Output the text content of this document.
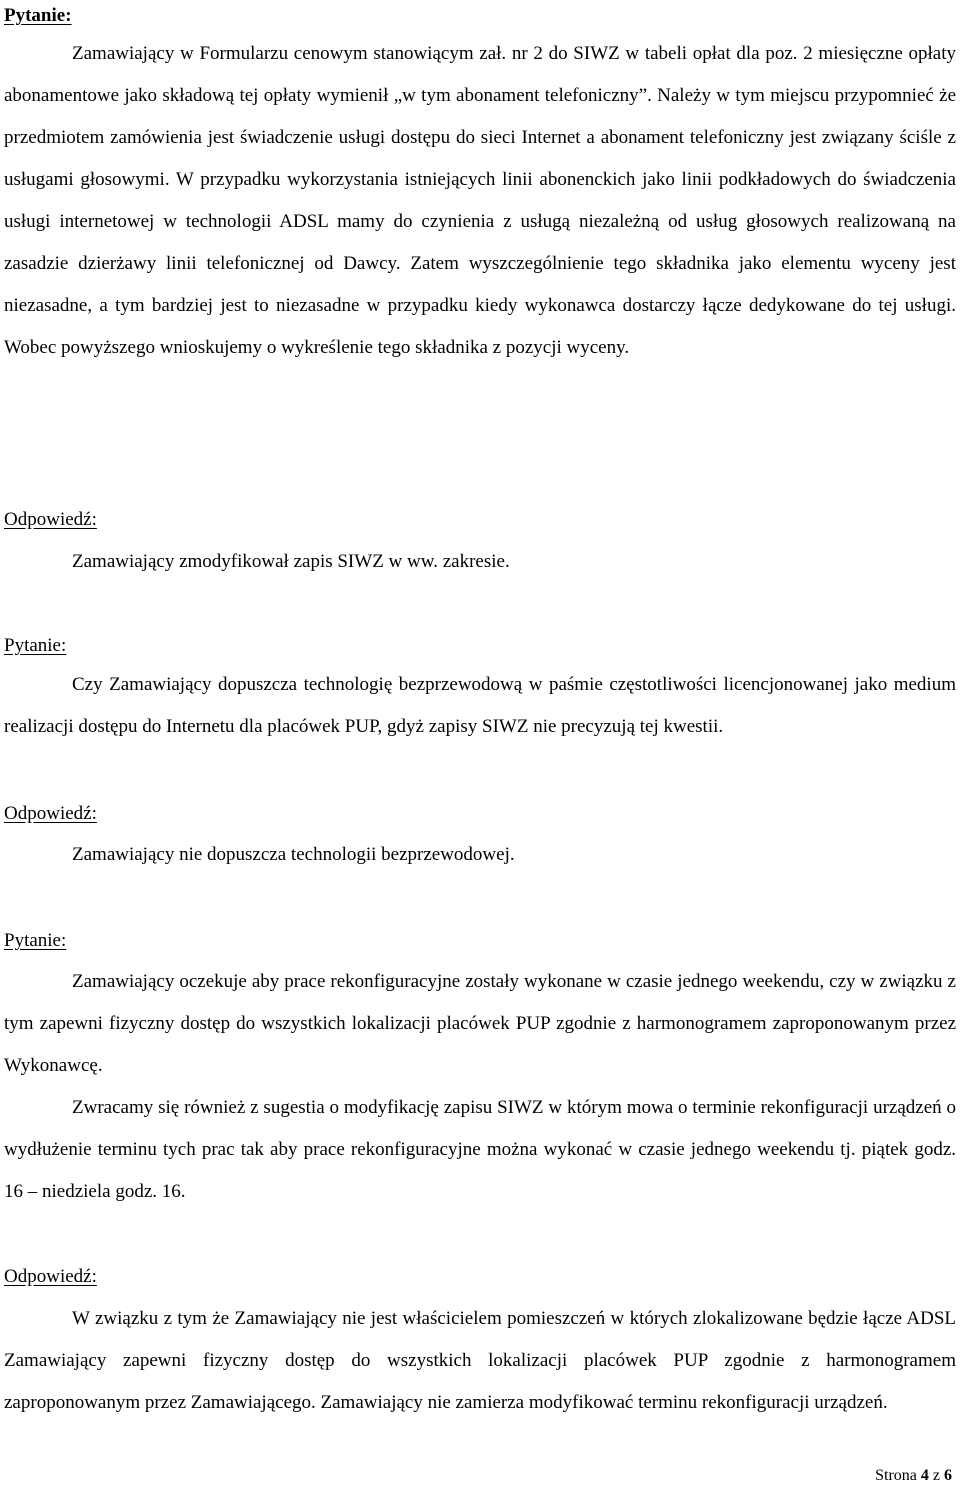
Pytanie:
Zamawiający w Formularzu cenowym stanowiącym zał. nr 2 do SIWZ w tabeli opłat dla poz. 2 miesięczne opłaty abonamentowe jako składową tej opłaty wymienił „w tym abonament telefoniczny”. Należy w tym miejscu przypomnieć że przedmiotem zamówienia jest świadczenie usługi dostępu do sieci Internet a abonament telefoniczny jest związany ściśle z usługami głosowymi. W przypadku wykorzystania istniejących linii abonenckich jako linii podkładowych do świadczenia usługi internetowej w technologii ADSL mamy do czynienia z usługą niezależną od usług głosowych realizowaną na zasadzie dzierżawy linii telefonicznej od Dawcy. Zatem wyszczególnienie tego składnika jako elementu wyceny jest niezasadne, a tym bardziej jest to niezasadne w przypadku kiedy wykonawca dostarczy łącze dedykowane do tej usługi. Wobec powyższego wnioskujemy o wykreślenie tego składnika z pozycji wyceny.
Odpowiedź:
Zamawiający zmodyfikował zapis SIWZ w ww. zakresie.
Pytanie:
Czy Zamawiający dopuszcza technologię bezprzewodową w paśmie częstotliwości licencjonowanej jako medium realizacji dostępu do Internetu dla placówek PUP, gdyż zapisy SIWZ nie precyzują tej kwestii.
Odpowiedź:
Zamawiający nie dopuszcza technologii bezprzewodowej.
Pytanie:
Zamawiający oczekuje aby prace rekonfiguracyjne zostały wykonane w czasie jednego weekendu, czy w związku z tym zapewni fizyczny dostęp do wszystkich lokalizacji placówek PUP zgodnie z harmonogramem zaproponowanym przez Wykonawcę.
Zwracamy się również z sugestia o modyfikację zapisu SIWZ w którym mowa o terminie rekonfiguracji urządzeń o wydłużenie terminu tych prac tak aby prace rekonfiguracyjne można wykonać w czasie jednego weekendu tj. piątek godz. 16 – niedziela godz. 16.
Odpowiedź:
W związku z tym że Zamawiający nie jest właścicielem pomieszczeń w których zlokalizowane będzie łącze ADSL Zamawiający zapewni fizyczny dostęp do wszystkich lokalizacji placówek PUP zgodnie z harmonogramem zaproponowanym przez Zamawiającego. Zamawiający nie zamierza modyfikować terminu rekonfiguracji urządzeń.
Strona 4 z 6
